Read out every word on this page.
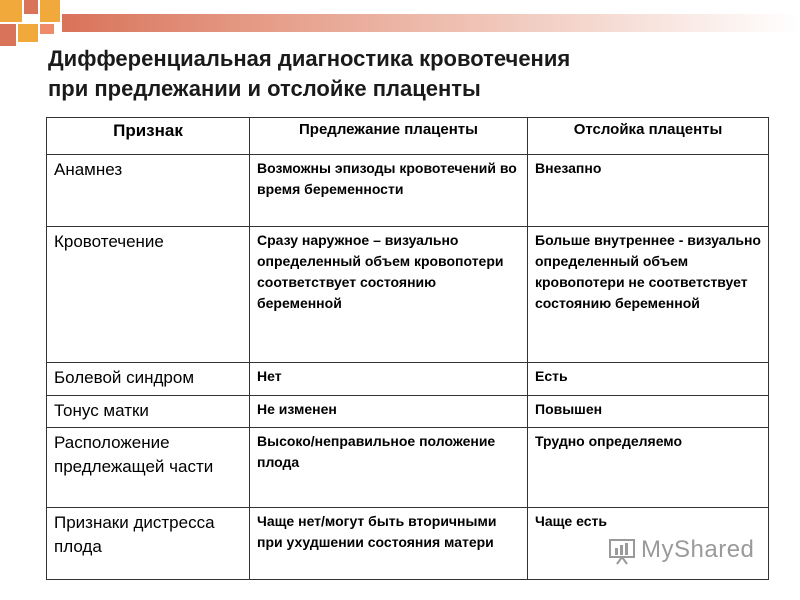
Дифференциальная диагностика кровотечения
при предлежании и отслойке плаценты
Признак	Предлежание плаценты	Отслойка плаценты
Анамнез	Возможны эпизоды кровотечений во время беременности	Внезапно
Кровотечение	Сразу наружное – визуально определенный объем кровопотери соответствует состоянию беременной	Больше внутреннее - визуально определенный объем кровопотери не соответствует состоянию беременной
Болевой синдром	Нет	Есть
Тонус матки	Не изменен	Повышен
Расположение предлежащей части	Высоко/неправильное положение плода	Трудно определяемо
Признаки дистресса плода	Чаще нет/могут быть вторичными при ухудшении состояния матери	Чаще есть
MyShared
